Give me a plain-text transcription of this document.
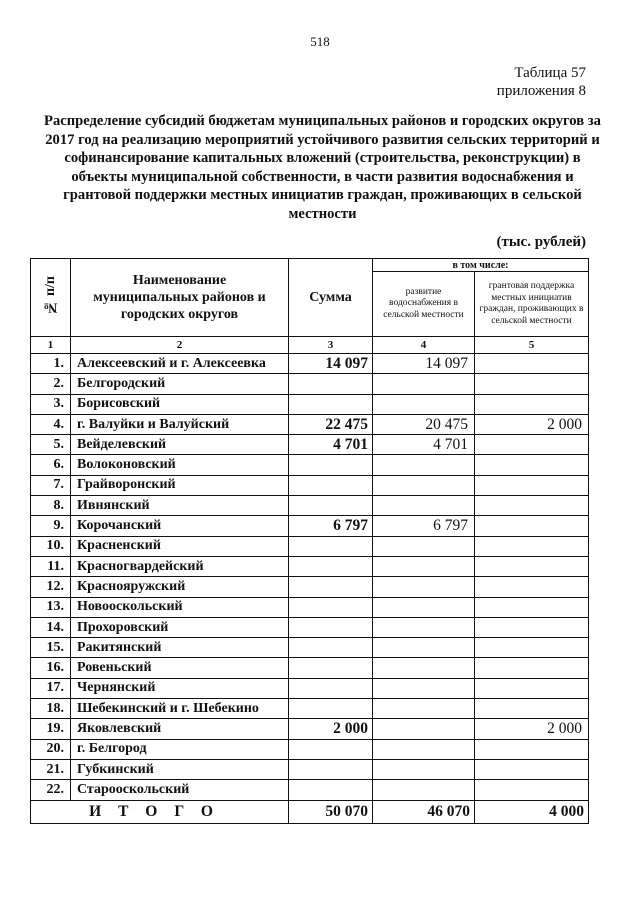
518
Таблица 57
приложения 8
Распределение субсидий бюджетам муниципальных районов и городских округов за 2017 год на реализацию мероприятий устойчивого развития сельских территорий и софинансирование капитальных вложений (строительства, реконструкции) в объекты муниципальной собственности, в части развития водоснабжения и грантовой поддержки местных инициатив граждан, проживающих в сельской местности
(тыс. рублей)
№ п/п	Наименование муниципальных районов и городских округов	Сумма	в том числе:	
			развитие водоснабжения в сельской местности	грантовая поддержка местных инициатив граждан, проживающих в сельской местности
1	2	3	4	5
1.	Алексеевский и г. Алексеевка	14 097	14 097	
2.	Белгородский			
3.	Борисовский			
4.	г. Валуйки и Валуйский	22 475	20 475	2 000
5.	Вейделевский	4 701	4 701	
6.	Волоконовский			
7.	Грайворонский			
8.	Ивнянский			
9.	Корочанский	6 797	6 797	
10.	Красненский			
11.	Красногвардейский			
12.	Краснояружский			
13.	Новооскольский			
14.	Прохоровский			
15.	Ракитянский			
16.	Ровеньский			
17.	Чернянский			
18.	Шебекинский и г. Шебекино			
19.	Яковлевский	2 000		2 000
20.	г. Белгород			
21.	Губкинский			
22.	Старооскольский			
ИТОГО		50 070	46 070	4 000
